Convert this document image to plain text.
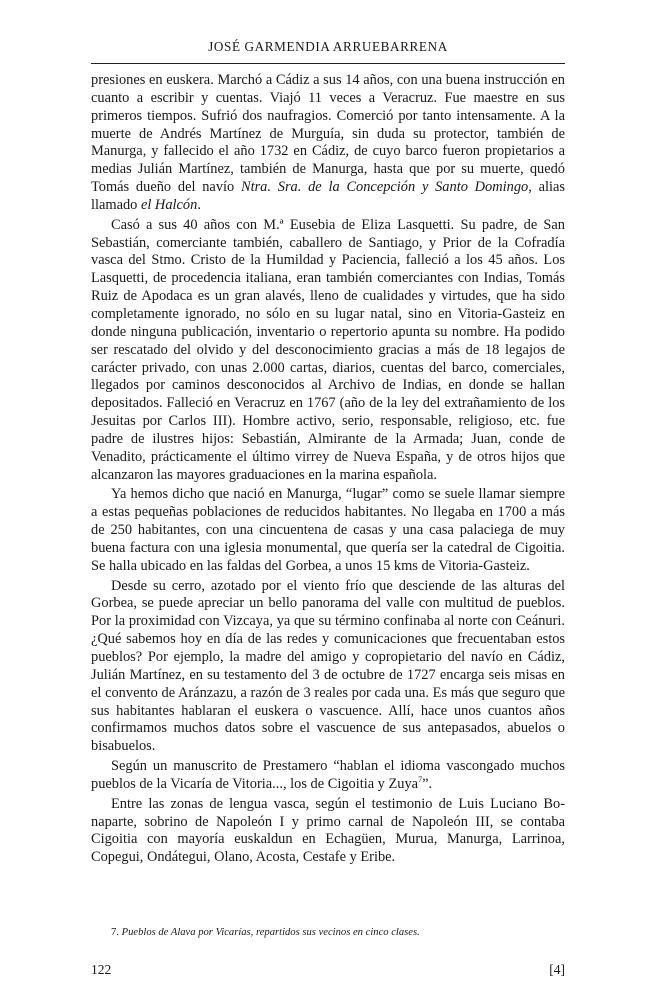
JOSÉ GARMENDIA ARRUEBARRENA

presiones en euskera. Marchó a Cádiz a sus 14 años, con una buena instrucción en cuanto a escribir y cuentas. Viajó 11 veces a Veracruz. Fue maestre en sus primeros tiempos. Sufrió dos naufragios. Comerció por tanto intensamente. A la muerte de Andrés Martínez de Murguía, sin duda su protector, también de Manurga, y fallecido el año 1732 en Cádiz, de cuyo barco fueron propietarios a medias Julián Martínez, también de Manurga, hasta que por su muerte, quedó Tomás dueño del navío Ntra. Sra. de la Concepción y Santo Domingo, alias llamado el Halcón.

Casó a sus 40 años con M.ª Eusebia de Eliza Lasquetti. Su padre, de San Sebastián, comerciante también, caballero de Santiago, y Prior de la Cofradía vasca del Stmo. Cristo de la Humildad y Paciencia, falleció a los 45 años. Los Lasquetti, de procedencia italiana, eran también comerciantes con Indias, Tomás Ruiz de Apodaca es un gran alavés, lleno de cualidades y virtudes, que ha sido completamente ignorado, no sólo en su lugar natal, sino en Vitoria-Gasteiz en donde ninguna publicación, inventario o repertorio apunta su nombre. Ha podido ser rescatado del olvido y del desconocimiento gracias a más de 18 legajos de carácter privado, con unas 2.000 cartas, diarios, cuentas del barco, comerciales, llegados por caminos desconocidos al Archivo de Indias, en donde se hallan depositados. Falleció en Veracruz en 1767 (año de la ley del extrañamiento de los Jesuitas por Carlos III). Hombre activo, serio, responsable, religioso, etc. fue padre de ilustres hijos: Sebastián, Almirante de la Armada; Juan, conde de Venadito, prácticamente el último virrey de Nueva España, y de otros hijos que alcanzaron las mayores graduaciones en la marina española.

Ya hemos dicho que nació en Manurga, “lugar” como se suele llamar siempre a estas pequeñas poblaciones de reducidos habitantes. No llegaba en 1700 a más de 250 habitantes, con una cincuentena de casas y una casa palaciega de muy buena factura con una iglesia monumental, que quería ser la catedral de Cigoitia. Se halla ubicado en las faldas del Gorbea, a unos 15 kms de Vitoria-Gasteiz.

Desde su cerro, azotado por el viento frío que desciende de las alturas del Gorbea, se puede apreciar un bello panorama del valle con multitud de pueblos. Por la proximidad con Vizcaya, ya que su término confinaba al norte con Ceánuri. ¿Qué sabemos hoy en día de las redes y comunicaciones que frecuentaban estos pueblos? Por ejemplo, la madre del amigo y copropietario del navío en Cádiz, Julián Martínez, en su testamento del 3 de octubre de 1727 encarga seis misas en el convento de Aránzazu, a razón de 3 reales por cada una. Es más que seguro que sus habitantes hablaran el euskera o vascuence. Allí, hace unos cuantos años confirmamos muchos datos sobre el vascuence de sus antepasados, abuelos o bisabuelos.

Según un manuscrito de Prestamero “hablan el idioma vascongado muchos pueblos de la Vicaría de Vitoria..., los de Cigoitia y Zuya$^7$”.

Entre las zonas de lengua vasca, según el testimonio de Luis Luciano Bonaparte, sobrino de Napoleón I y primo carnal de Napoleón III, se contaba Cigoitia con mayoría euskaldun en Echagüen, Murua, Manurga, Larrinoa, Copegui, Ondátegui, Olano, Acosta, Cestafe y Eribe.

7. Pueblos de Alava por Vicarías, repartidos sus vecinos en cinco clases.
122	[4]
